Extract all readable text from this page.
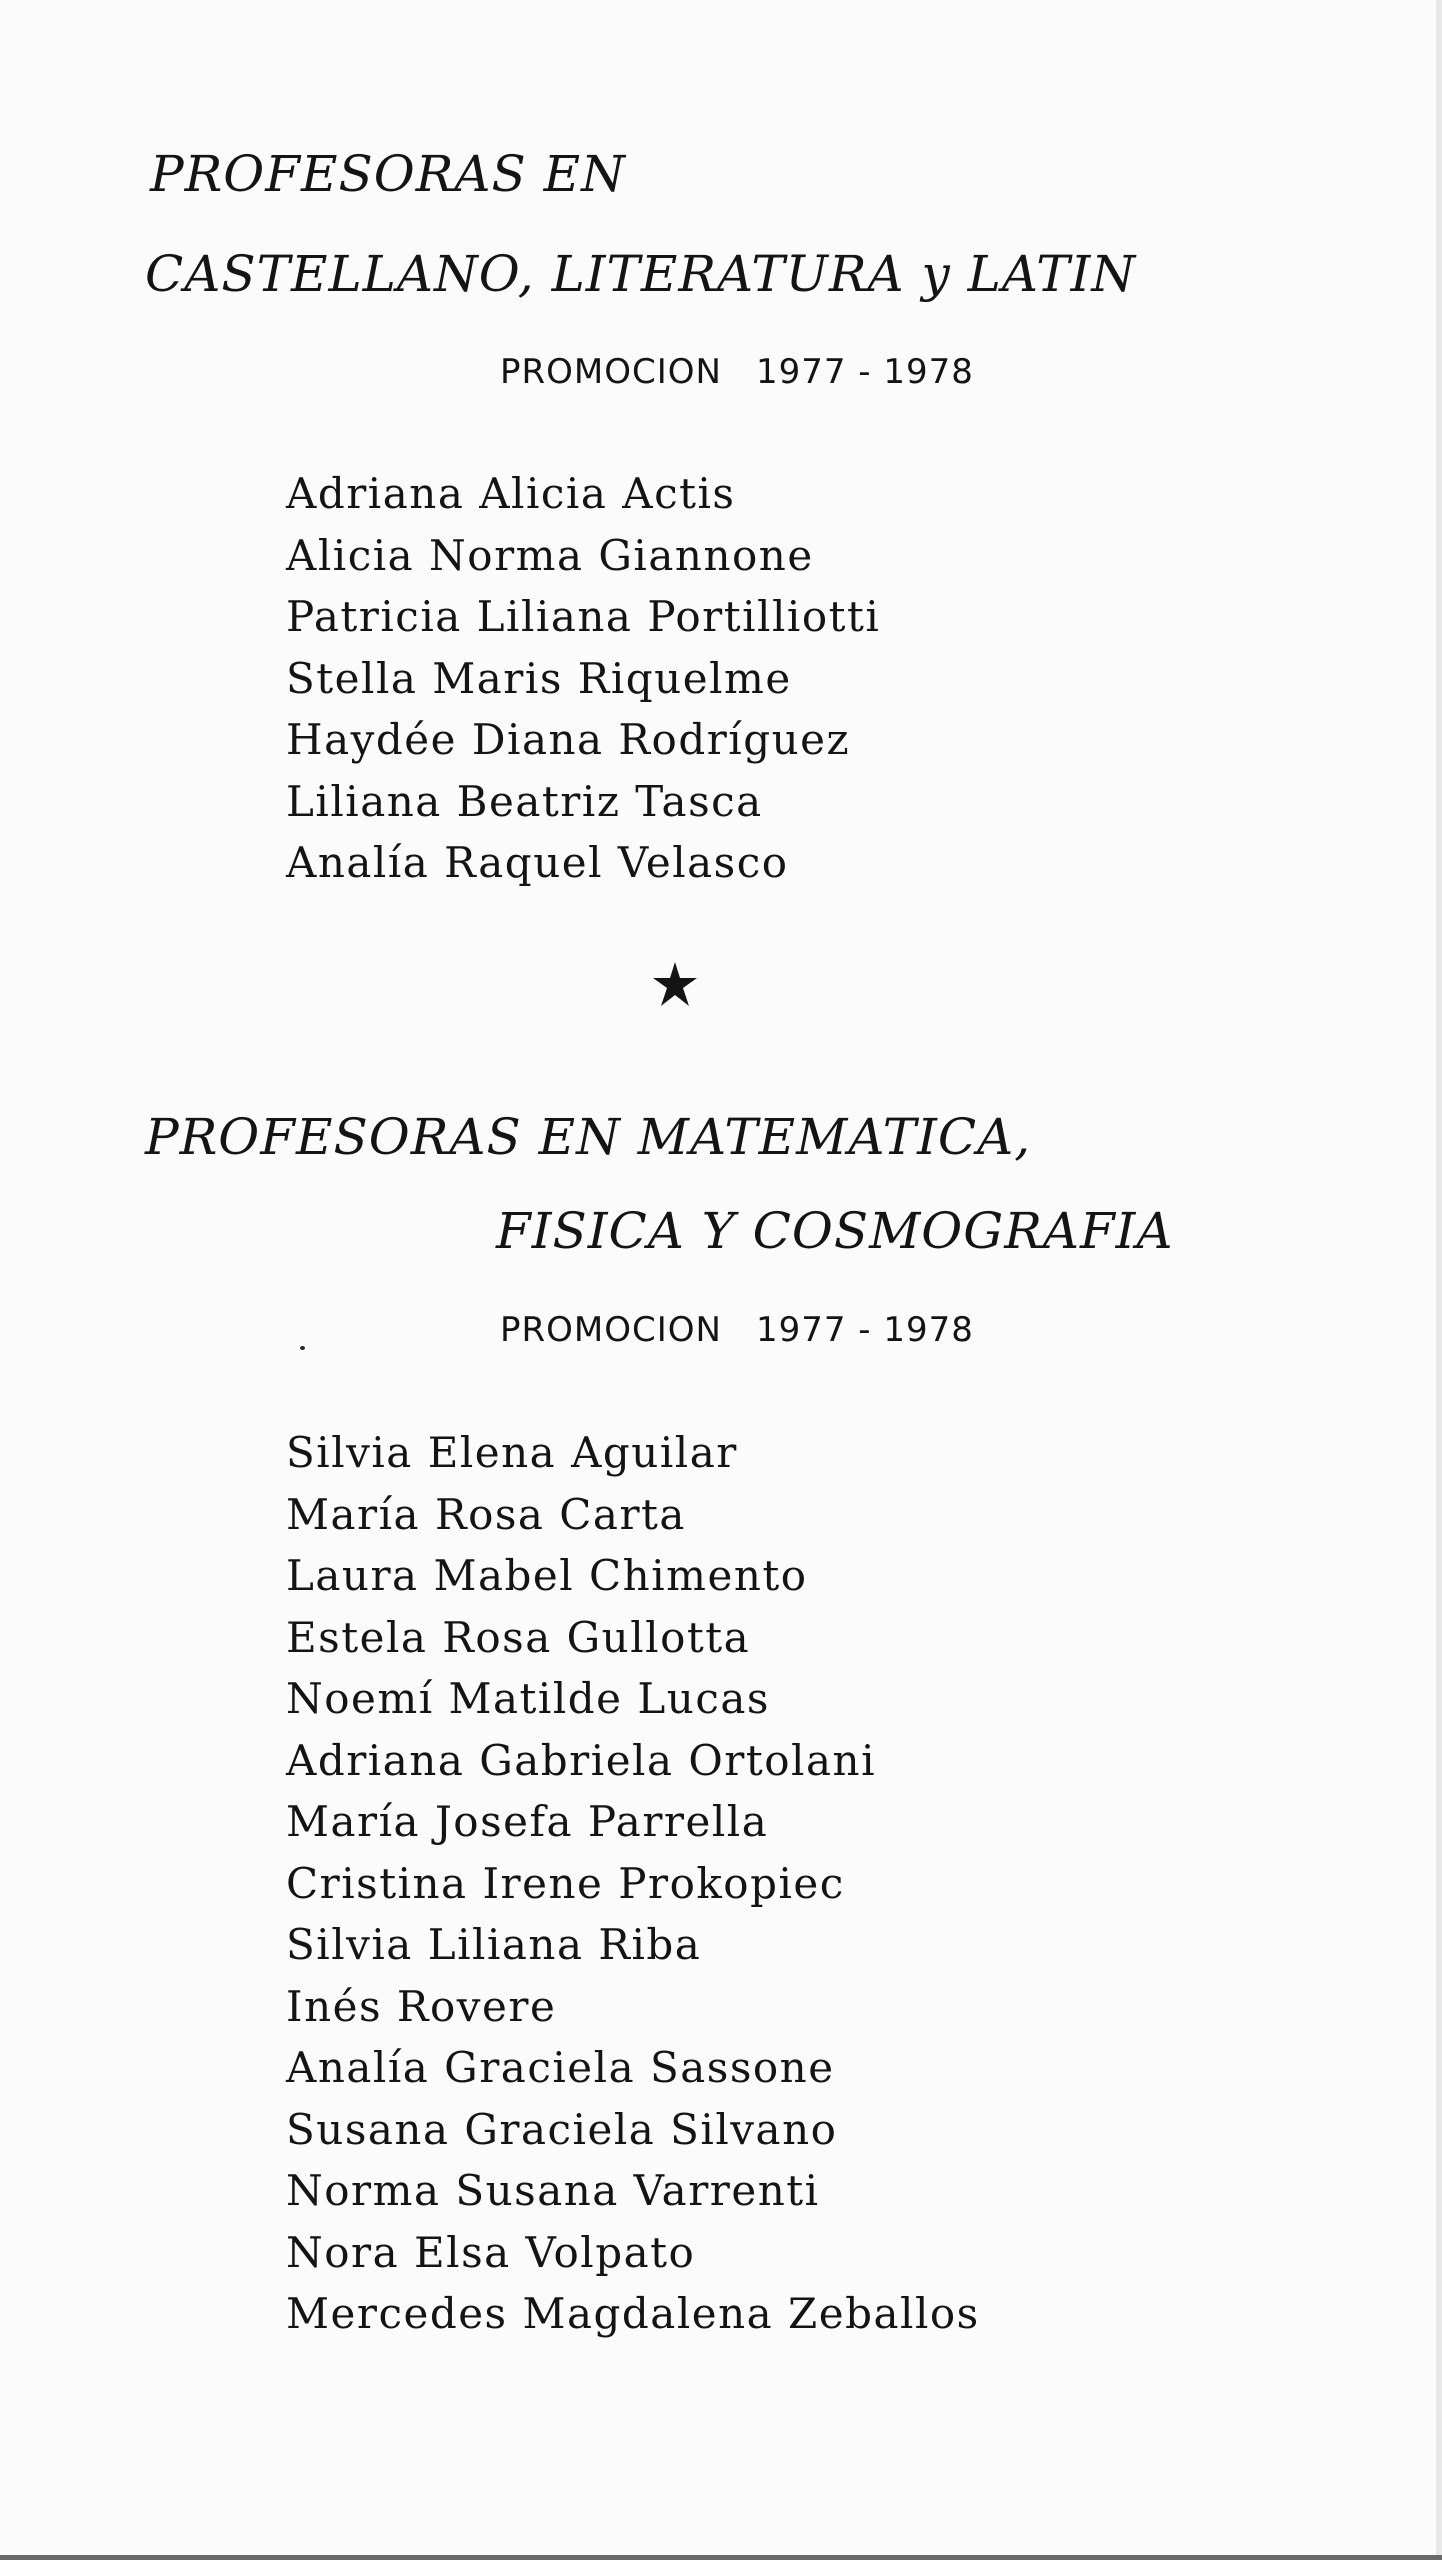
PROFESORAS EN
CASTELLANO, LITERATURA y LATIN
PROMOCION 1977 - 1978
Adriana Alicia Actis
Alicia Norma Giannone
Patricia Liliana Portilliotti
Stella Maris Riquelme
Haydée Diana Rodríguez
Liliana Beatriz Tasca
Analía Raquel Velasco
PROFESORAS EN MATEMATICA,
FISICA Y COSMOGRAFIA
PROMOCION 1977 - 1978
Silvia Elena Aguilar
María Rosa Carta
Laura Mabel Chimento
Estela Rosa Gullotta
Noemí Matilde Lucas
Adriana Gabriela Ortolani
María Josefa Parrella
Cristina Irene Prokopiec
Silvia Liliana Riba
Inés Rovere
Analía Graciela Sassone
Susana Graciela Silvano
Norma Susana Varrenti
Nora Elsa Volpato
Mercedes Magdalena Zeballos
